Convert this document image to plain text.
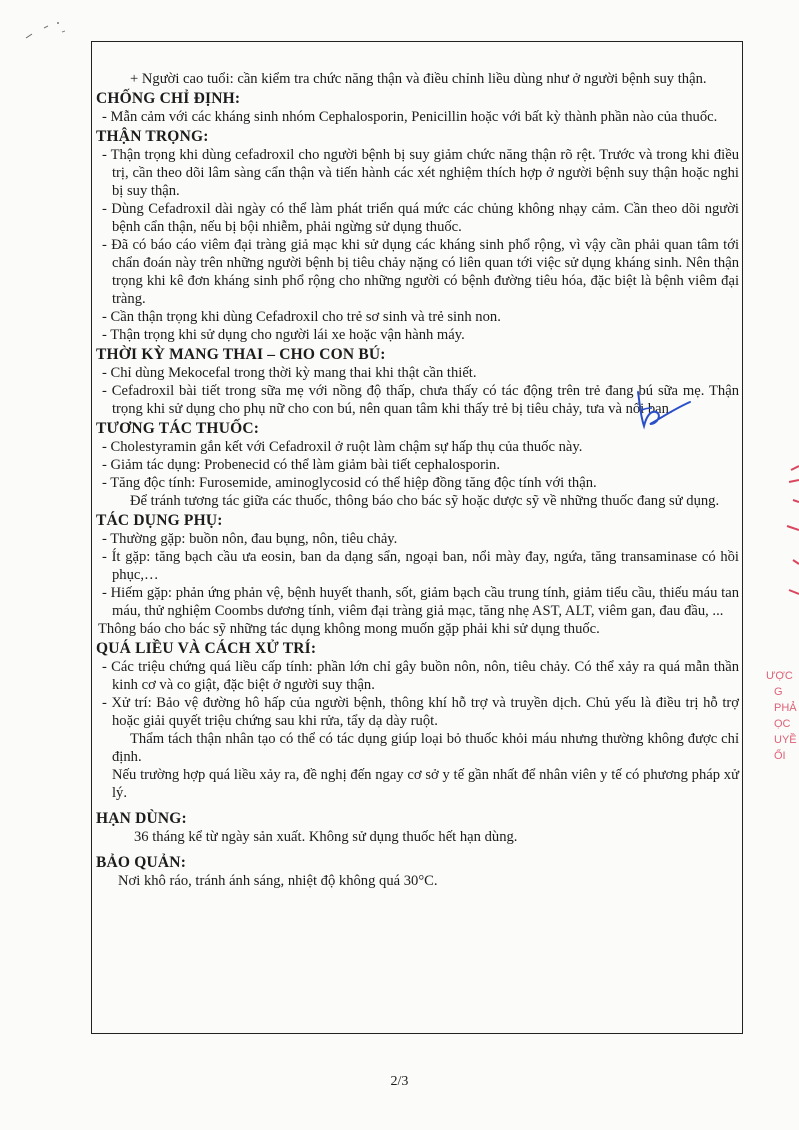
+ Người cao tuổi: cần kiểm tra chức năng thận và điều chỉnh liều dùng như ở người bệnh suy thận.

CHỐNG CHỈ ĐỊNH:

- Mẫn cảm với các kháng sinh nhóm Cephalosporin, Penicillin hoặc với bất kỳ thành phần nào của thuốc.

THẬN TRỌNG:

- Thận trọng khi dùng cefadroxil cho người bệnh bị suy giảm chức năng thận rõ rệt. Trước và trong khi điều trị, cần theo dõi lâm sàng cẩn thận và tiến hành các xét nghiệm thích hợp ở người bệnh suy thận hoặc nghi bị suy thận.

- Dùng Cefadroxil dài ngày có thể làm phát triển quá mức các chủng không nhạy cảm. Cần theo dõi người bệnh cẩn thận, nếu bị bội nhiễm, phải ngừng sử dụng thuốc.

- Đã có báo cáo viêm đại tràng giả mạc khi sử dụng các kháng sinh phổ rộng, vì vậy cần phải quan tâm tới chẩn đoán này trên những người bệnh bị tiêu chảy nặng có liên quan tới việc sử dụng kháng sinh. Nên thận trọng khi kê đơn kháng sinh phổ rộng cho những người có bệnh đường tiêu hóa, đặc biệt là bệnh viêm đại tràng.

- Cần thận trọng khi dùng Cefadroxil cho trẻ sơ sinh và trẻ sinh non.

- Thận trọng khi sử dụng cho người lái xe hoặc vận hành máy.

THỜI KỲ MANG THAI – CHO CON BÚ:

- Chỉ dùng Mekocefal trong thời kỳ mang thai khi thật cần thiết.

- Cefadroxil bài tiết trong sữa mẹ với nồng độ thấp, chưa thấy có tác động trên trẻ đang bú sữa mẹ. Thận trọng khi sử dụng cho phụ nữ cho con bú, nên quan tâm khi thấy trẻ bị tiêu chảy, tưa và nổi ban.

TƯƠNG TÁC THUỐC:

- Cholestyramin gắn kết với Cefadroxil ở ruột làm chậm sự hấp thụ của thuốc này.

- Giảm tác dụng: Probenecid có thể làm giảm bài tiết cephalosporin.

- Tăng độc tính: Furosemide, aminoglycosid có thể hiệp đồng tăng độc tính với thận.

Để tránh tương tác giữa các thuốc, thông báo cho bác sỹ hoặc dược sỹ về những thuốc đang sử dụng.

TÁC DỤNG PHỤ:

- Thường gặp: buồn nôn, đau bụng, nôn, tiêu chảy.

- Ít gặp: tăng bạch cầu ưa eosin, ban da dạng sẩn, ngoại ban, nổi mày đay, ngứa, tăng transaminase có hồi phục,…

- Hiếm gặp: phản ứng phản vệ, bệnh huyết thanh, sốt, giảm bạch cầu trung tính, giảm tiểu cầu, thiếu máu tan máu, thử nghiệm Coombs dương tính, viêm đại tràng giả mạc, tăng nhẹ AST, ALT, viêm gan, đau đầu, ...

Thông báo cho bác sỹ những tác dụng không mong muốn gặp phải khi sử dụng thuốc.

QUÁ LIỀU VÀ CÁCH XỬ TRÍ:

- Các triệu chứng quá liều cấp tính: phần lớn chỉ gây buồn nôn, nôn, tiêu chảy. Có thể xảy ra quá mẫn thần kinh cơ và co giật, đặc biệt ở người suy thận.

- Xử trí: Bảo vệ đường hô hấp của người bệnh, thông khí hỗ trợ và truyền dịch. Chủ yếu là điều trị hỗ trợ hoặc giải quyết triệu chứng sau khi rửa, tẩy dạ dày ruột.

Thẩm tách thận nhân tạo có thể có tác dụng giúp loại bỏ thuốc khỏi máu nhưng thường không được chỉ định.

Nếu trường hợp quá liều xảy ra, đề nghị đến ngay cơ sở y tế gần nhất để nhân viên y tế có phương pháp xử lý.

HẠN DÙNG:

36 tháng kể từ ngày sản xuất. Không sử dụng thuốc hết hạn dùng.

BẢO QUẢN:

Nơi khô ráo, tránh ánh sáng, nhiệt độ không quá 30°C.

ƯỢC
G
PHẢ
ỌC
UYỀ
ỔI
2/3
